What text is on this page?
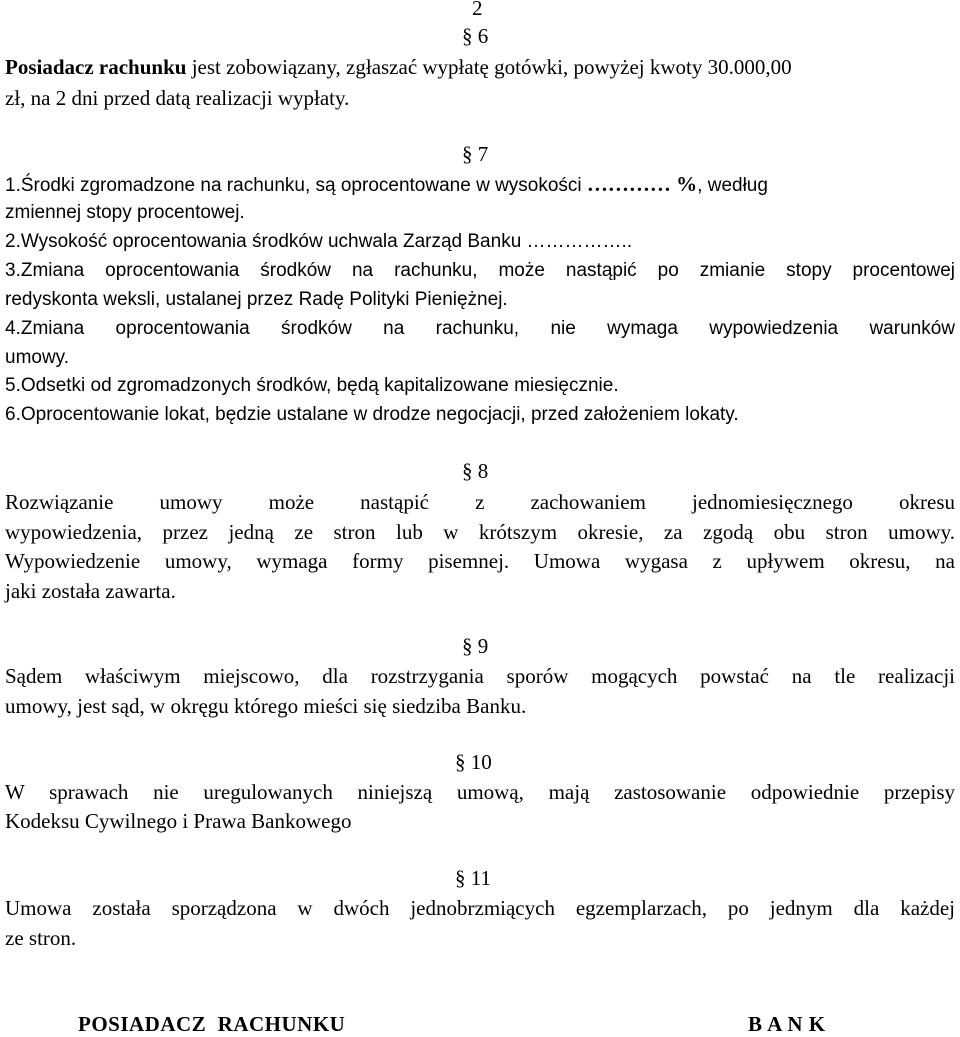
2
§ 6
Posiadacz rachunku jest zobowiązany, zgłaszać wypłatę gotówki, powyżej kwoty 30.000,00
zł, na 2 dni przed datą realizacji wypłaty.
§ 7
1.Środki zgromadzone na rachunku, są oprocentowane w wysokości ………… %, według
zmiennej stopy procentowej.
2.Wysokość oprocentowania środków uchwala Zarząd Banku ……………..
3.Zmiana oprocentowania środków na rachunku, może nastąpić po zmianie stopy procentowej
redyskonta weksli, ustalanej przez Radę Polityki Pieniężnej.
4.Zmiana oprocentowania środków na rachunku, nie wymaga wypowiedzenia warunków
umowy.
5.Odsetki od zgromadzonych środków, będą kapitalizowane miesięcznie.
6.Oprocentowanie lokat, będzie ustalane w drodze negocjacji, przed założeniem lokaty.
§ 8
Rozwiązanie umowy może nastąpić z zachowaniem jednomiesięcznego okresu
wypowiedzenia, przez jedną ze stron lub w krótszym okresie, za zgodą obu stron umowy.
Wypowiedzenie umowy, wymaga formy pisemnej. Umowa wygasa z upływem okresu, na
jaki została zawarta.
§ 9
Sądem właściwym miejscowo, dla rozstrzygania sporów mogących powstać na tle realizacji
umowy, jest sąd, w okręgu którego mieści się siedziba Banku.
§ 10
W sprawach nie uregulowanych niniejszą umową, mają zastosowanie odpowiednie przepisy
Kodeksu Cywilnego i Prawa Bankowego
§ 11
Umowa została sporządzona w dwóch jednobrzmiących egzemplarzach, po jednym dla każdej
ze stron.
POSIADACZ  RACHUNKU	B A N K
